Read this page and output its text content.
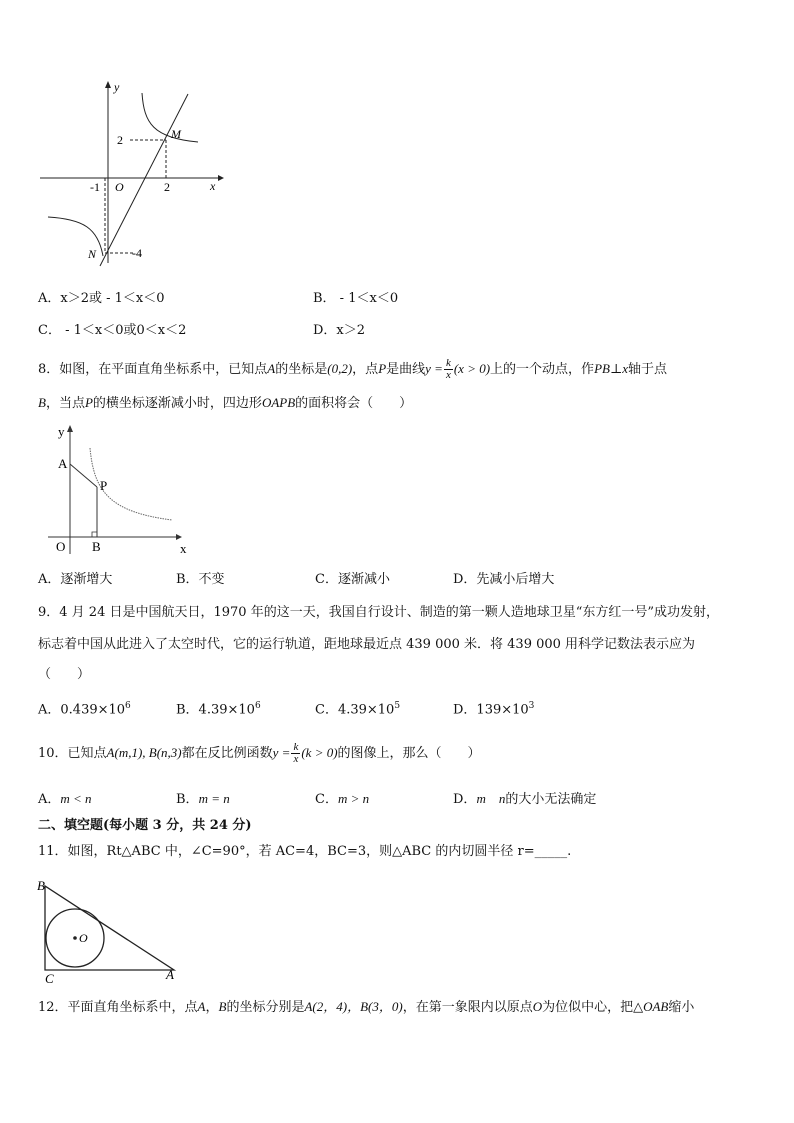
y
M
2
-1 O	2	x
N	-4
A．x＞2或 - 1＜x＜0	B． - 1＜x＜0
C． - 1＜x＜0或0＜x＜2	D．x＞2
8．如图，在平面直角坐标系中，已知点A的坐标是(0,2)，点P是曲线$y = \frac{k}{x} (x > 0)$上的一个动点，作PB⊥x轴于点
B，当点P的横坐标逐渐减小时，四边形OAPB的面积将会（　　）
y
A
P
O B	x
A．逐渐增大	B．不变	C．逐渐减小	D．先减小后增大
9．4 月 24 日是中国航天日，1970 年的这一天，我国自行设计、制造的第一颗人造地球卫星“东方红一号”成功发射，
标志着中国从此进入了太空时代，它的运行轨道，距地球最近点 439 000 米．将 439 000 用科学记数法表示应为
（　　）
A．$0.439\times 10^6$	B．$4.39\times 10^6$	C．$4.39\times 10^5$	D．$139\times 10^3$
10．已知点A(m,1), B(n,3)都在反比例函数$y = \frac{k}{x} (k > 0)$的图像上，那么（　　）
A．m < n	B．m = n	C．m > n	D．m　n的大小无法确定
二、填空题(每小题 3 分，共 24 分)
11．如图，Rt△ABC 中，∠C=90°，若 AC=4，BC=3，则△ABC 的内切圆半径 r=_____.
B
O
C	A
12．平面直角坐标系中，点A，B的坐标分别是A(2，4)，B(3，0)，在第一象限内以原点O为位似中心，把△OAB缩小
